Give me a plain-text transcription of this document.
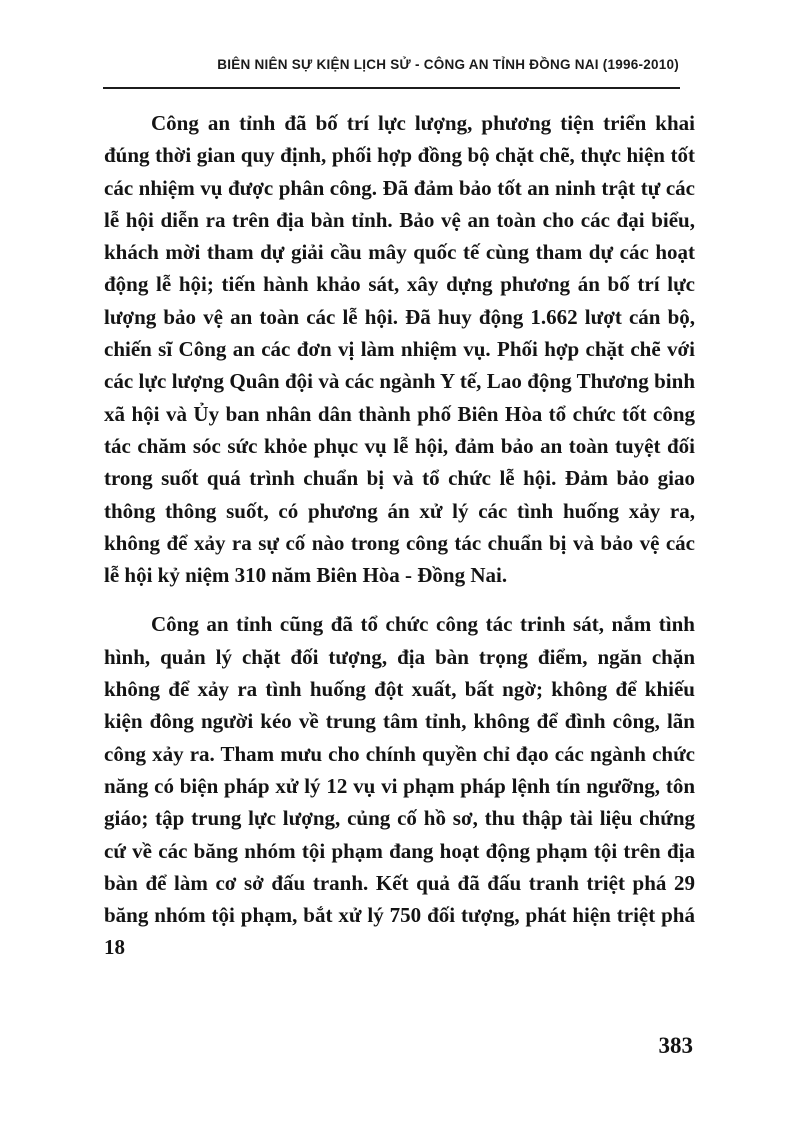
BIÊN NIÊN SỰ KIỆN LỊCH SỬ - CÔNG AN TỈNH ĐỒNG NAI (1996-2010)

Công an tỉnh đã bố trí lực lượng, phương tiện triển khai đúng thời gian quy định, phối hợp đồng bộ chặt chẽ, thực hiện tốt các nhiệm vụ được phân công. Đã đảm bảo tốt an ninh trật tự các lễ hội diễn ra trên địa bàn tỉnh. Bảo vệ an toàn cho các đại biểu, khách mời tham dự giải cầu mây quốc tế cùng tham dự các hoạt động lễ hội; tiến hành khảo sát, xây dựng phương án bố trí lực lượng bảo vệ an toàn các lễ hội. Đã huy động 1.662 lượt cán bộ, chiến sĩ Công an các đơn vị làm nhiệm vụ. Phối hợp chặt chẽ với các lực lượng Quân đội và các ngành Y tế, Lao động Thương binh xã hội và Ủy ban nhân dân thành phố Biên Hòa tổ chức tốt công tác chăm sóc sức khỏe phục vụ lễ hội, đảm bảo an toàn tuyệt đối trong suốt quá trình chuẩn bị và tổ chức lễ hội. Đảm bảo giao thông thông suốt, có phương án xử lý các tình huống xảy ra, không để xảy ra sự cố nào trong công tác chuẩn bị và bảo vệ các lễ hội kỷ niệm 310 năm Biên Hòa - Đồng Nai.

Công an tỉnh cũng đã tổ chức công tác trinh sát, nắm tình hình, quản lý chặt đối tượng, địa bàn trọng điểm, ngăn chặn không để xảy ra tình huống đột xuất, bất ngờ; không để khiếu kiện đông người kéo về trung tâm tỉnh, không để đình công, lãn công xảy ra. Tham mưu cho chính quyền chỉ đạo các ngành chức năng có biện pháp xử lý 12 vụ vi phạm pháp lệnh tín ngưỡng, tôn giáo; tập trung lực lượng, củng cố hồ sơ, thu thập tài liệu chứng cứ về các băng nhóm tội phạm đang hoạt động phạm tội trên địa bàn để làm cơ sở đấu tranh. Kết quả đã đấu tranh triệt phá 29 băng nhóm tội phạm, bắt xử lý 750 đối tượng, phát hiện triệt phá 18

383
